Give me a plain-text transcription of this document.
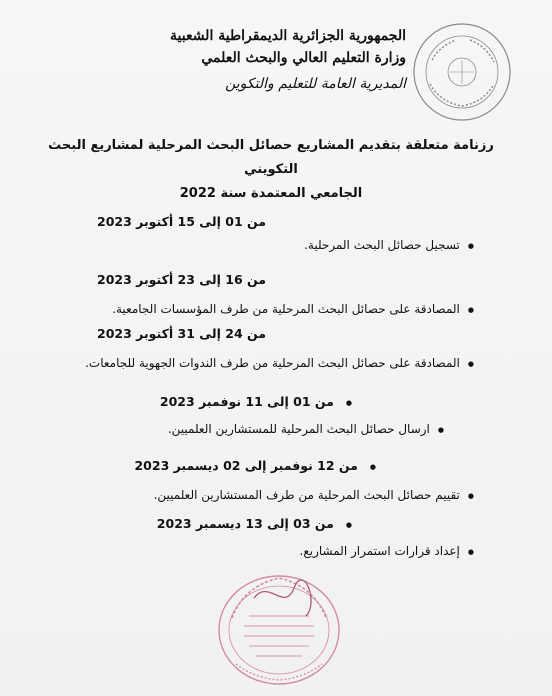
الجمهورية الجزائرية الديمقراطية الشعبية
وزارة التعليم العالي والبحث العلمي
المديرية العامة للتعليم والتكوين
رزنامة متعلقة بتقديم المشاريع حصائل البحث المرحلية لمشاريع البحث التكويني
الجامعي المعتمدة سنة 2022
من 01 إلى 15 أكتوبر 2023
● تسجيل حصائل البحث المرحلية.
من 16 إلى 23 أكتوبر 2023
● المصادقة على حصائل البحث المرحلية من طرف المؤسسات الجامعية.
من 24 إلى 31 أكتوبر 2023
● المصادقة على حصائل البحث المرحلية من طرف الندوات الجهوية للجامعات.
● من 01 إلى 11 نوفمبر 2023
● ارسال حصائل البحث المرحلية للمستشارين العلميين.
● من 12 نوفمبر إلى 02 ديسمبر 2023
● تقييم حصائل البحث المرحلية من طرف المستشارين العلميين.
● من 03 إلى 13 ديسمبر 2023
● إعداد قرارات استمرار المشاريع.
